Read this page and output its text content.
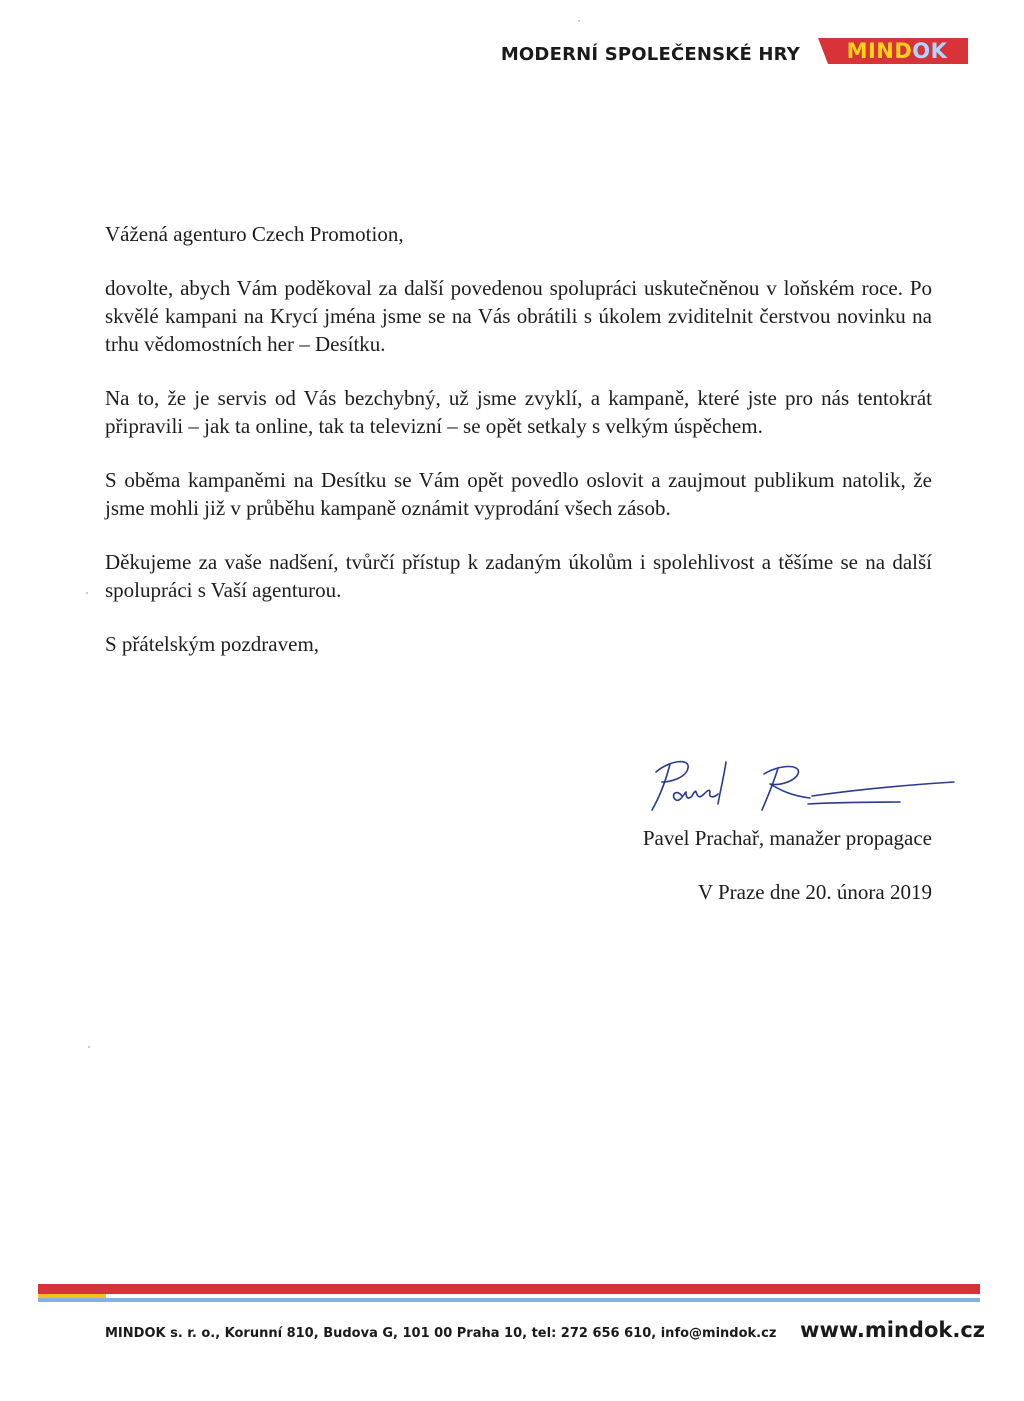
MODERNÍ SPOLEČENSKÉ HRY	MINDOK

Vážená agenturo Czech Promotion,

dovolte, abych Vám poděkoval za další povedenou spolupráci uskutečněnou v loňském roce. Po skvělé kampani na Krycí jména jsme se na Vás obrátili s úkolem zviditelnit čerstvou novinku na trhu vědomostních her – Desítku.

Na to, že je servis od Vás bezchybný, už jsme zvyklí, a kampaně, které jste pro nás tentokrát připravili – jak ta online, tak ta televizní – se opět setkaly s velkým úspěchem.

S oběma kampaněmi na Desítku se Vám opět povedlo oslovit a zaujmout publikum natolik, že jsme mohli již v průběhu kampaně oznámit vyprodání všech zásob.

Děkujeme za vaše nadšení, tvůrčí přístup k zadaným úkolům i spolehlivost a těšíme se na další spolupráci s Vaší agenturou.

S přátelským pozdravem,

Pavel Prachař, manažer propagace
V Praze dne 20. února 2019
MINDOK s. r. o., Korunní 810, Budova G, 101 00 Praha 10, tel: 272 656 610, info@mindok.cz www.mindok.cz
